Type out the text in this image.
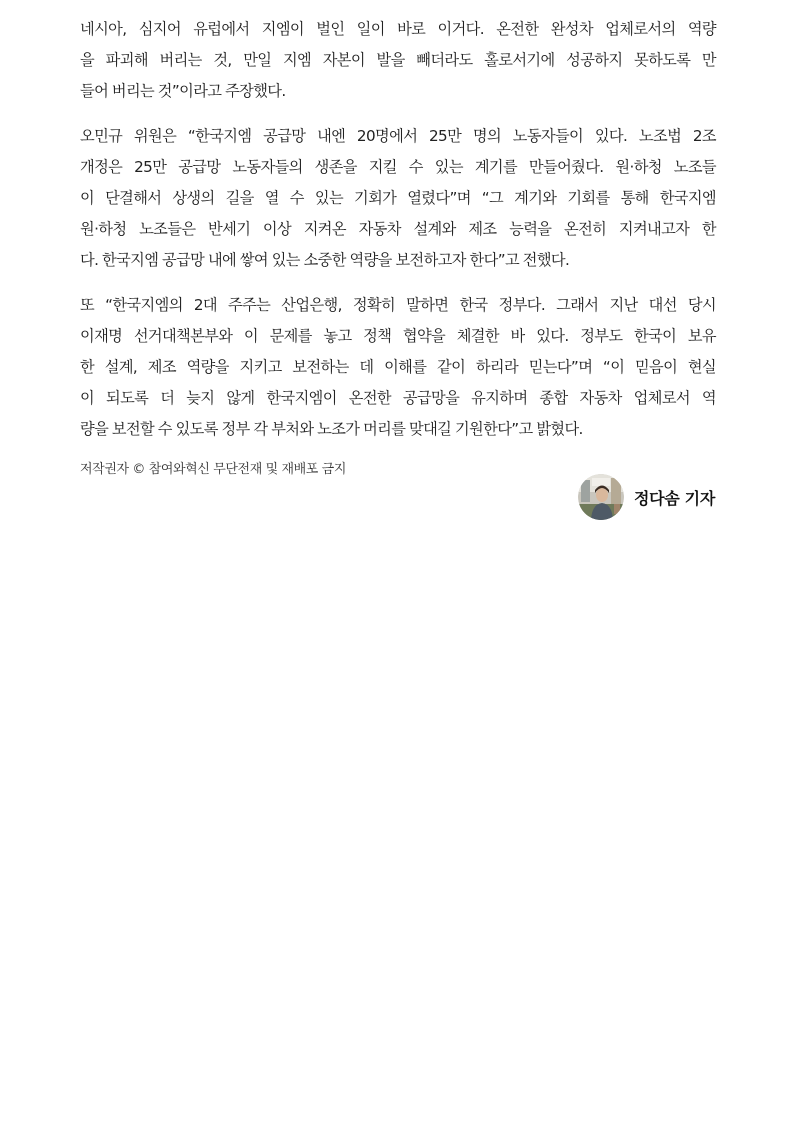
네시아, 심지어 유럽에서 지엠이 벌인 일이 바로 이거다. 온전한 완성차 업체로서의 역량
을 파괴해 버리는 것, 만일 지엠 자본이 발을 빼더라도 홀로서기에 성공하지 못하도록 만
들어 버리는 것”이라고 주장했다.

오민규 위원은 “한국지엠 공급망 내엔 20명에서 25만 명의 노동자들이 있다. 노조법 2조
개정은 25만 공급망 노동자들의 생존을 지킬 수 있는 계기를 만들어줬다. 원·하청 노조들
이 단결해서 상생의 길을 열 수 있는 기회가 열렸다”며 “그 계기와 기회를 통해 한국지엠
원·하청 노조들은 반세기 이상 지켜온 자동차 설계와 제조 능력을 온전히 지켜내고자 한
다. 한국지엠 공급망 내에 쌓여 있는 소중한 역량을 보전하고자 한다”고 전했다.

또 “한국지엠의 2대 주주는 산업은행, 정확히 말하면 한국 정부다. 그래서 지난 대선 당시
이재명 선거대책본부와 이 문제를 놓고 정책 협약을 체결한 바 있다. 정부도 한국이 보유
한 설계, 제조 역량을 지키고 보전하는 데 이해를 같이 하리라 믿는다”며 “이 믿음이 현실
이 되도록 더 늦지 않게 한국지엠이 온전한 공급망을 유지하며 종합 자동차 업체로서 역
량을 보전할 수 있도록 정부 각 부처와 노조가 머리를 맞대길 기원한다”고 밝혔다.

저작권자 © 참여와혁신 무단전재 및 재배포 금지

정다솜 기자
